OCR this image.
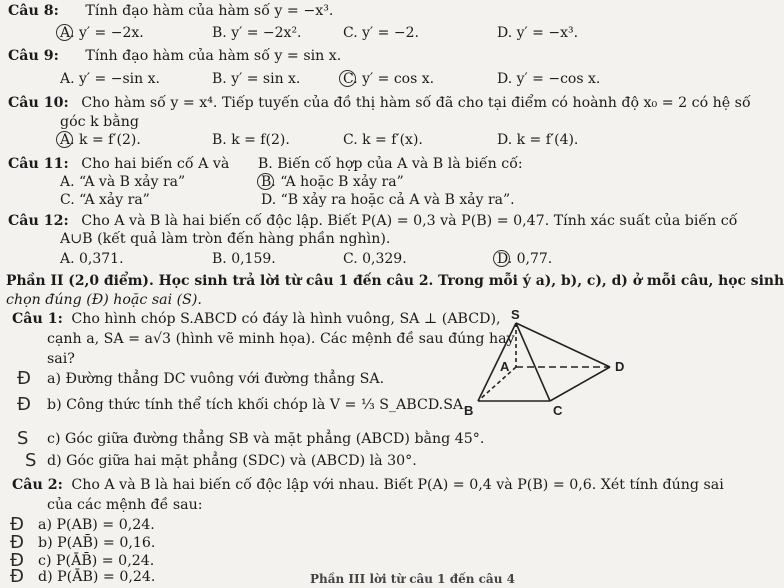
Câu 8: Tính đạo hàm của hàm số y = −x³.
A. y′ = −2x.	B. y′ = −2x².	C. y′ = −2.	D. y′ = −x³.
Câu 9: Tính đạo hàm của hàm số y = sin x.
A. y′ = −sin x.	B. y′ = sin x.	C. y′ = cos x.	D. y′ = −cos x.
Câu 10: Cho hàm số y = x⁴. Tiếp tuyến của đồ thị hàm số đã cho tại điểm có hoành độ x₀ = 2 có hệ số
góc k bằng
A. k = f′(2).	B. k = f(2).	C. k = f′(x).	D. k = f′(4).
Câu 11: Cho hai biến cố A và B. Biến cố hợp của A và B là biến cố:
A. “A và B xảy ra”	B. “A hoặc B xảy ra”
C. “A xảy ra”	D. “B xảy ra hoặc cả A và B xảy ra”.
Câu 12: Cho A và B là hai biến cố độc lập. Biết P(A) = 0,3 và P(B) = 0,47. Tính xác suất của biến cố
A∪B (kết quả làm tròn đến hàng phần nghìn).
A. 0,371.	B. 0,159.	C. 0,329.	D. 0,77.
Phần II (2,0 điểm). Học sinh trả lời từ câu 1 đến câu 2. Trong mỗi ý a), b), c), d) ở mỗi câu, học sinh
chọn đúng (Đ) hoặc sai (S).
Câu 1: Cho hình chóp S.ABCD có đáy là hình vuông, SA ⊥ (ABCD),
cạnh a, SA = a√3 (hình vẽ minh họa). Các mệnh đề sau đúng hay
sai?
Đ a) Đường thẳng DC vuông với đường thẳng SA.
Đ b) Công thức tính thể tích khối chóp là V = ⅓ S_ABCD.SA.
S c) Góc giữa đường thẳng SB và mặt phẳng (ABCD) bằng 45°.
S d) Góc giữa hai mặt phẳng (SDC) và (ABCD) là 30°.
S
A	D
B	C
Câu 2: Cho A và B là hai biến cố độc lập với nhau. Biết P(A) = 0,4 và P(B) = 0,6. Xét tính đúng sai
của các mệnh đề sau:
Đ a) P(AB) = 0,24.
Đ b) P(AB̄) = 0,16.
Đ c) P(ĀB̄) = 0,24.
Đ d) P(ĀB) = 0,24.	Phần III lời từ câu 1 đến câu 4
